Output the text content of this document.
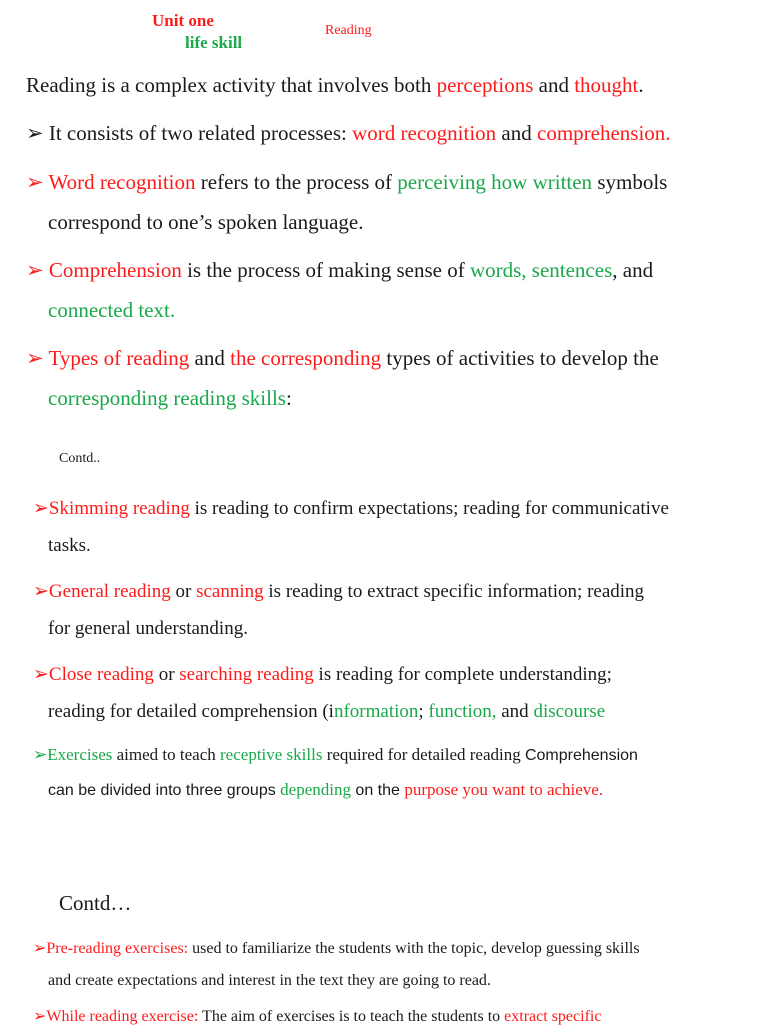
Unit one
life skill
Reading
Reading is a complex activity that involves both perceptions and thought.
➢ It consists of two related processes: word recognition and comprehension.
➢ Word recognition refers to the process of perceiving how written symbols
correspond to one’s spoken language.
➢ Comprehension is the process of making sense of words, sentences, and
connected text.
➢ Types of reading and the corresponding types of activities to develop the
corresponding reading skills:
Contd..
➢Skimming reading is reading to confirm expectations; reading for communicative
tasks.
➢General reading or scanning is reading to extract specific information; reading
for general understanding.
➢Close reading or searching reading is reading for complete understanding;
reading for detailed comprehension (information; function, and discourse
➢Exercises aimed to teach receptive skills required for detailed reading Comprehension
can be divided into three groups depending on the purpose you want to achieve.
Contd…
➢Pre-reading exercises: used to familiarize the students with the topic, develop guessing skills
and create expectations and interest in the text they are going to read.
➢While reading exercise: The aim of exercises is to teach the students to extract specific
